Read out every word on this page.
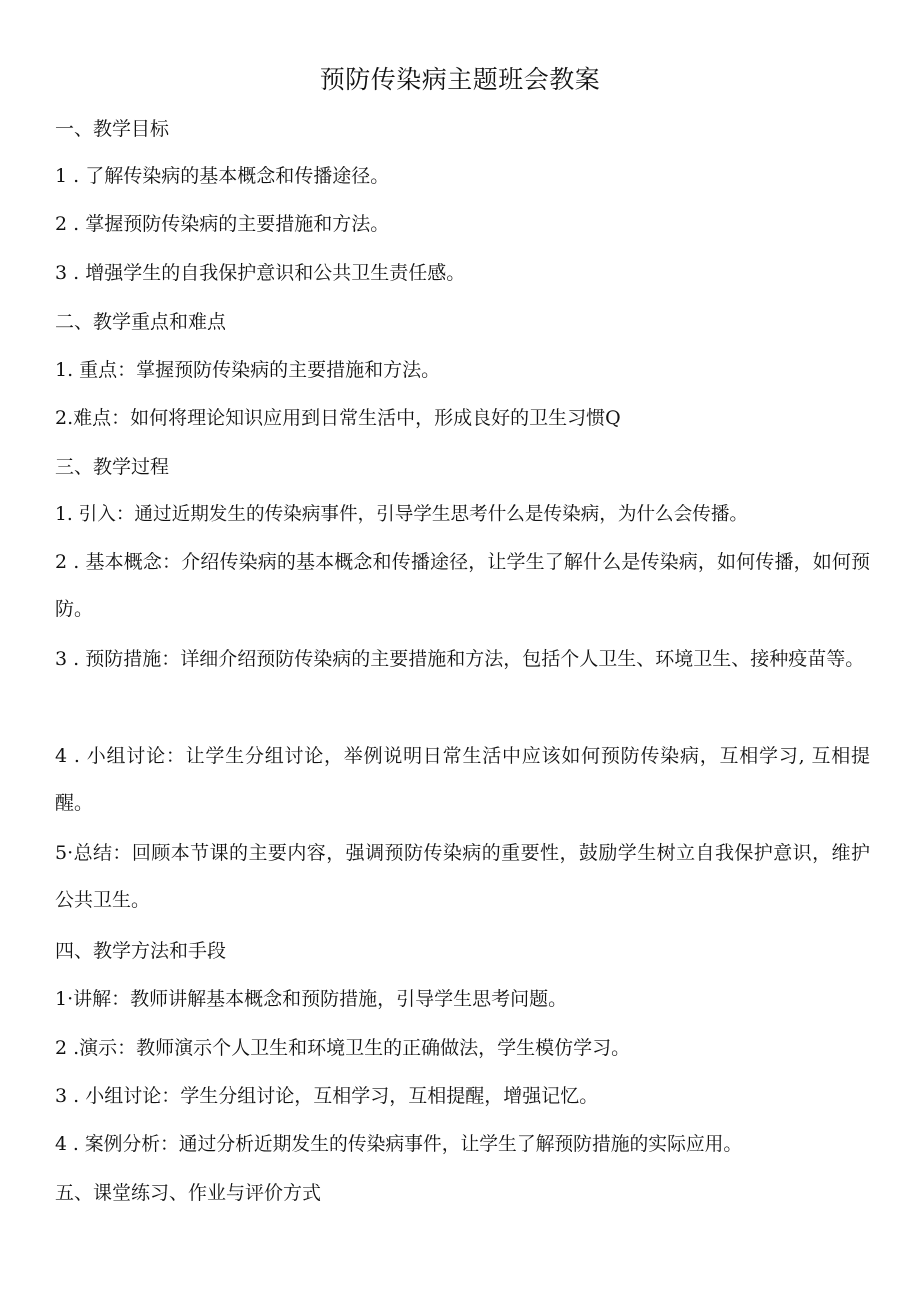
预防传染病主题班会教案

一、教学目标

1 . 了解传染病的基本概念和传播途径。

2 . 掌握预防传染病的主要措施和方法。

3 . 增强学生的自我保护意识和公共卫生责任感。

二、教学重点和难点

1. 重点：掌握预防传染病的主要措施和方法。

2.难点：如何将理论知识应用到日常生活中，形成良好的卫生习惯Q

三、教学过程

1. 引入：通过近期发生的传染病事件，引导学生思考什么是传染病，为什么会传播。

2 . 基本概念：介绍传染病的基本概念和传播途径，让学生了解什么是传染病，如何传播，如何预防。

3 . 预防措施：详细介绍预防传染病的主要措施和方法，包括个人卫生、环境卫生、接种疫苗等。

4 . 小组讨论：让学生分组讨论，举例说明日常生活中应该如何预防传染病，互相学习, 互相提醒。

5·总结：回顾本节课的主要内容，强调预防传染病的重要性，鼓励学生树立自我保护意识，维护公共卫生。

四、教学方法和手段

1·讲解：教师讲解基本概念和预防措施，引导学生思考问题。

2 .演示：教师演示个人卫生和环境卫生的正确做法，学生模仿学习。

3 . 小组讨论：学生分组讨论，互相学习，互相提醒，增强记忆。

4 . 案例分析：通过分析近期发生的传染病事件，让学生了解预防措施的实际应用。

五、课堂练习、作业与评价方式
